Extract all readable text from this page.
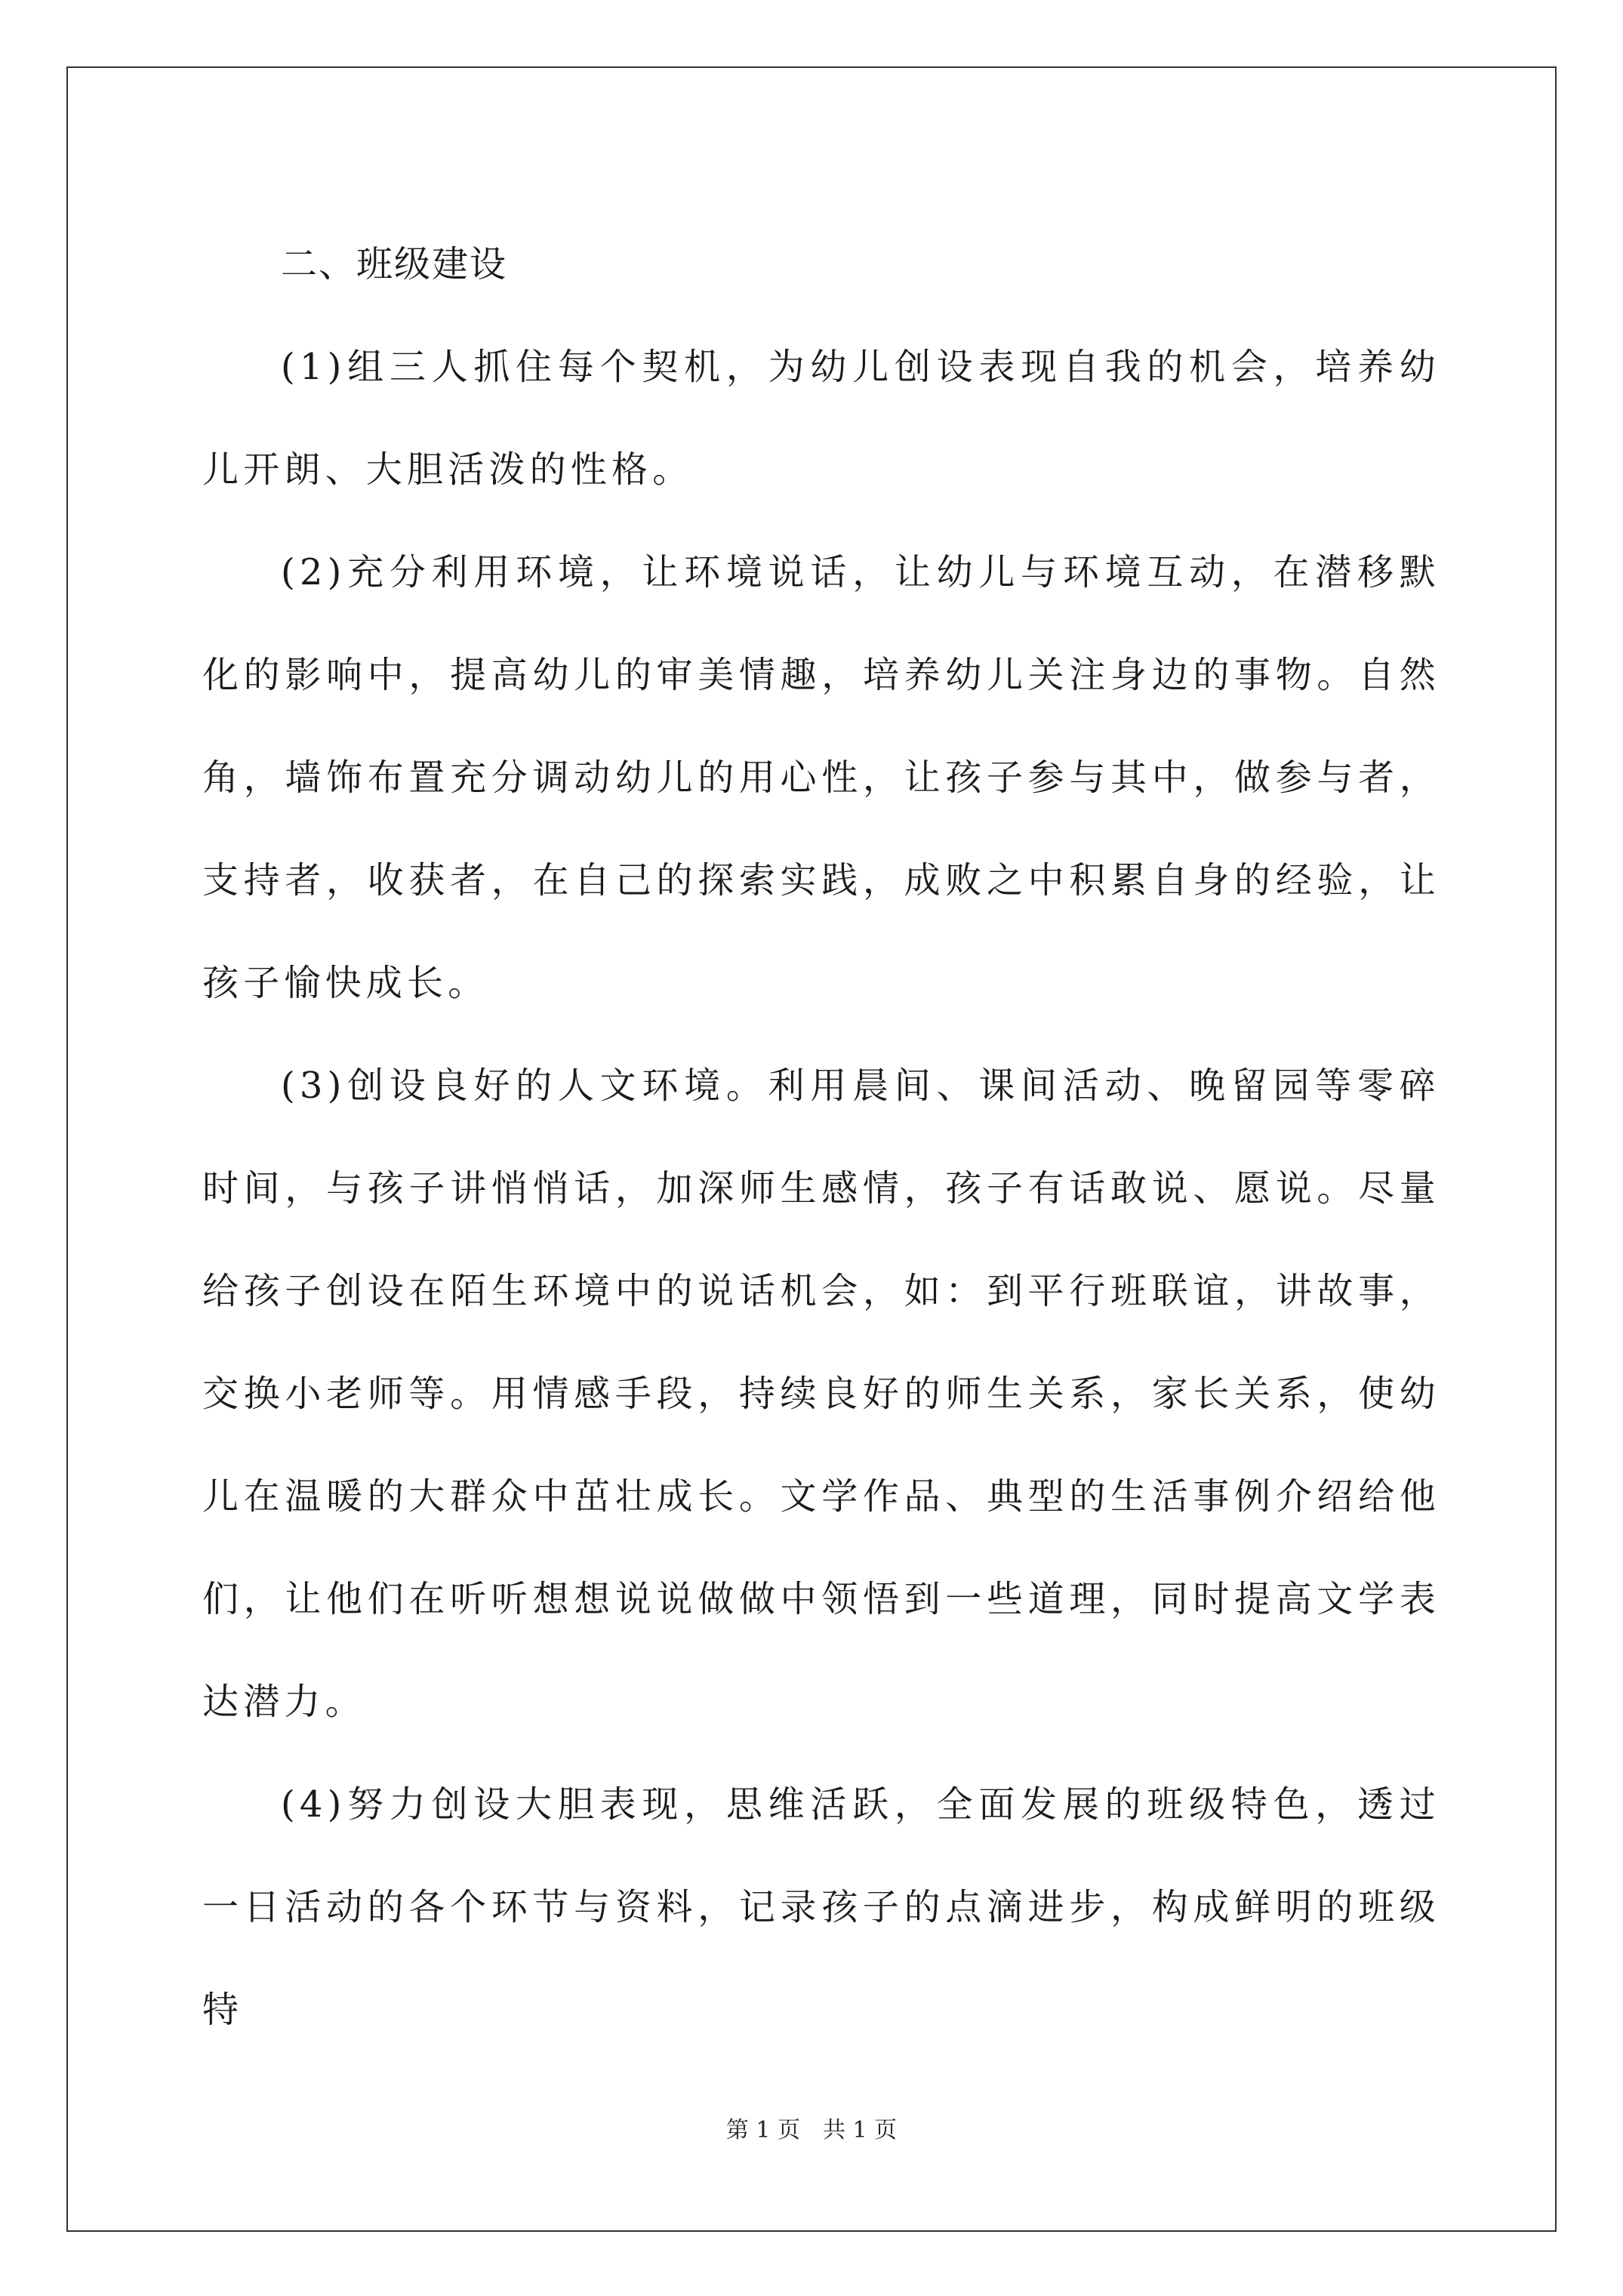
二、班级建设

(1)组三人抓住每个契机，为幼儿创设表现自我的机会，培养幼儿开朗、大胆活泼的性格。

(2)充分利用环境，让环境说话，让幼儿与环境互动，在潜移默化的影响中，提高幼儿的审美情趣，培养幼儿关注身边的事物。自然角，墙饰布置充分调动幼儿的用心性，让孩子参与其中，做参与者，支持者，收获者，在自己的探索实践，成败之中积累自身的经验，让孩子愉快成长。

(3)创设良好的人文环境。利用晨间、课间活动、晚留园等零碎时间，与孩子讲悄悄话，加深师生感情，孩子有话敢说、愿说。尽量给孩子创设在陌生环境中的说话机会，如：到平行班联谊，讲故事，交换小老师等。用情感手段，持续良好的师生关系，家长关系，使幼儿在温暖的大群众中茁壮成长。文学作品、典型的生活事例介绍给他们，让他们在听听想想说说做做中领悟到一些道理，同时提高文学表达潜力。

(4)努力创设大胆表现，思维活跃，全面发展的班级特色，透过一日活动的各个环节与资料，记录孩子的点滴进步，构成鲜明的班级特

第 1 页　共 1 页
